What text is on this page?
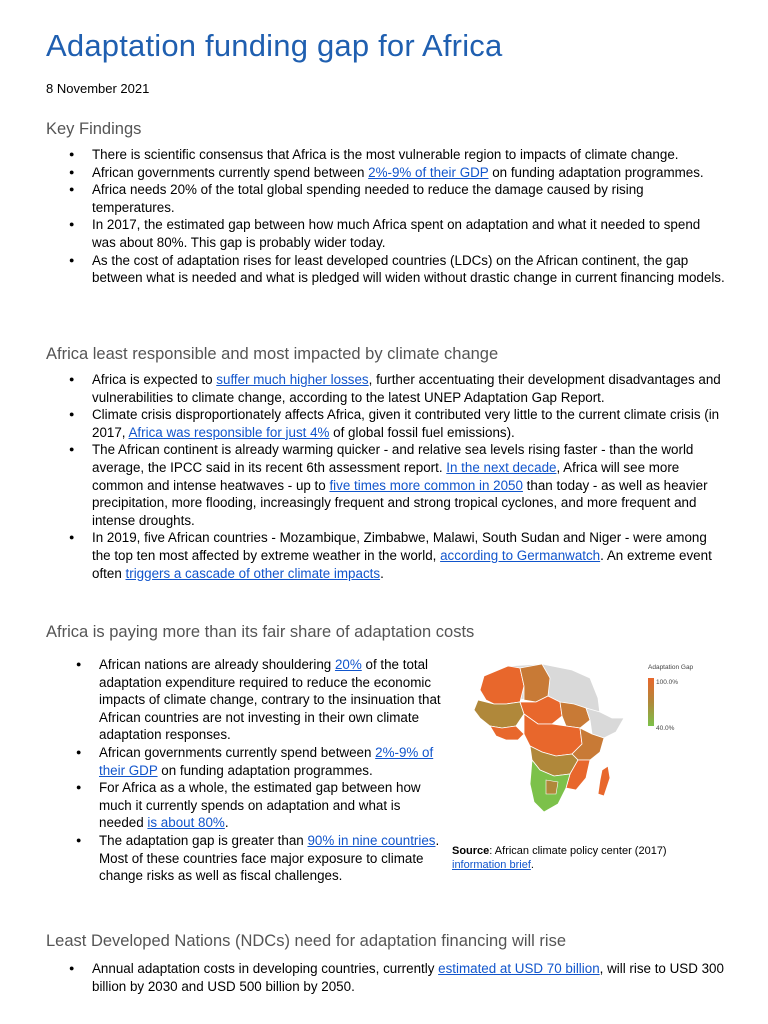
Adaptation funding gap for Africa
8 November 2021
Key Findings
● There is scientific consensus that Africa is the most vulnerable region to impacts of climate change.
● African governments currently spend between 2%-9% of their GDP on funding adaptation programmes.
● Africa needs 20% of the total global spending needed to reduce the damage caused by rising temperatures.
● In 2017, the estimated gap between how much Africa spent on adaptation and what it needed to spend was about 80%. This gap is probably wider today.
● As the cost of adaptation rises for least developed countries (LDCs) on the African continent, the gap between what is needed and what is pledged will widen without drastic change in current financing models.
Africa least responsible and most impacted by climate change
● Africa is expected to suffer much higher losses, further accentuating their development disadvantages and vulnerabilities to climate change, according to the latest UNEP Adaptation Gap Report.
● Climate crisis disproportionately affects Africa, given it contributed very little to the current climate crisis (in 2017, Africa was responsible for just 4% of global fossil fuel emissions).
● The African continent is already warming quicker - and relative sea levels rising faster - than the world average, the IPCC said in its recent 6th assessment report. In the next decade, Africa will see more common and intense heatwaves - up to five times more common in 2050 than today - as well as heavier precipitation, more flooding, increasingly frequent and strong tropical cyclones, and more frequent and intense droughts.
● In 2019, five African countries - Mozambique, Zimbabwe, Malawi, South Sudan and Niger - were among the top ten most affected by extreme weather in the world, according to Germanwatch. An extreme event often triggers a cascade of other climate impacts.
Africa is paying more than its fair share of adaptation costs
● African nations are already shouldering 20% of the total adaptation expenditure required to reduce the economic impacts of climate change, contrary to the insinuation that African countries are not investing in their own climate adaptation responses.
● African governments currently spend between 2%-9% of their GDP on funding adaptation programmes.
● For Africa as a whole, the estimated gap between how much it currently spends on adaptation and what is needed is about 80%.
● The adaptation gap is greater than 90% in nine countries. Most of these countries face major exposure to climate change risks as well as fiscal challenges.
Adaptation Gap
100.0%
40.0%
Source: African climate policy center (2017) information brief.
Least Developed Nations (NDCs) need for adaptation financing will rise
● Annual adaptation costs in developing countries, currently estimated at USD 70 billion, will rise to USD 300 billion by 2030 and USD 500 billion by 2050.
